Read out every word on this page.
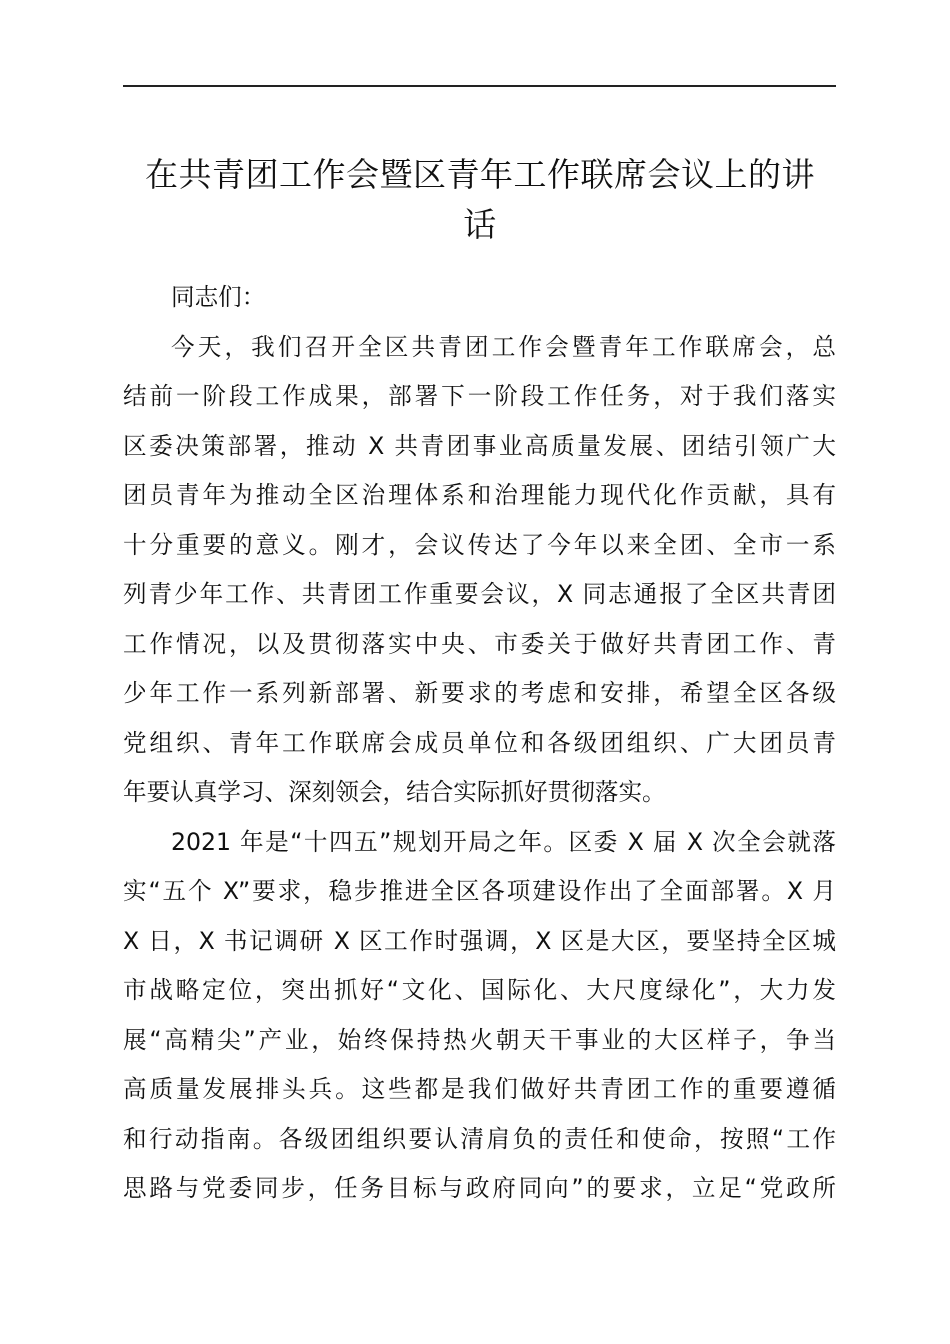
在共青团工作会暨区青年工作联席会议上的讲
话
同志们：
今天，我们召开全区共青团工作会暨青年工作联席会，总
结前一阶段工作成果，部署下一阶段工作任务，对于我们落实
区委决策部署，推动 X 共青团事业高质量发展、团结引领广大
团员青年为推动全区治理体系和治理能力现代化作贡献，具有
十分重要的意义。刚才，会议传达了今年以来全团、全市一系
列青少年工作、共青团工作重要会议，X 同志通报了全区共青团
工作情况，以及贯彻落实中央、市委关于做好共青团工作、青
少年工作一系列新部署、新要求的考虑和安排，希望全区各级
党组织、青年工作联席会成员单位和各级团组织、广大团员青
年要认真学习、深刻领会，结合实际抓好贯彻落实。
2021 年是“十四五”规划开局之年。区委 X 届 X 次全会就落
实“五个 X”要求，稳步推进全区各项建设作出了全面部署。X 月
X 日，X 书记调研 X 区工作时强调，X 区是大区，要坚持全区城
市战略定位，突出抓好“文化、国际化、大尺度绿化”，大力发
展“高精尖”产业，始终保持热火朝天干事业的大区样子，争当
高质量发展排头兵。这些都是我们做好共青团工作的重要遵循
和行动指南。各级团组织要认清肩负的责任和使命，按照“工作
思路与党委同步，任务目标与政府同向”的要求，立足“党政所
